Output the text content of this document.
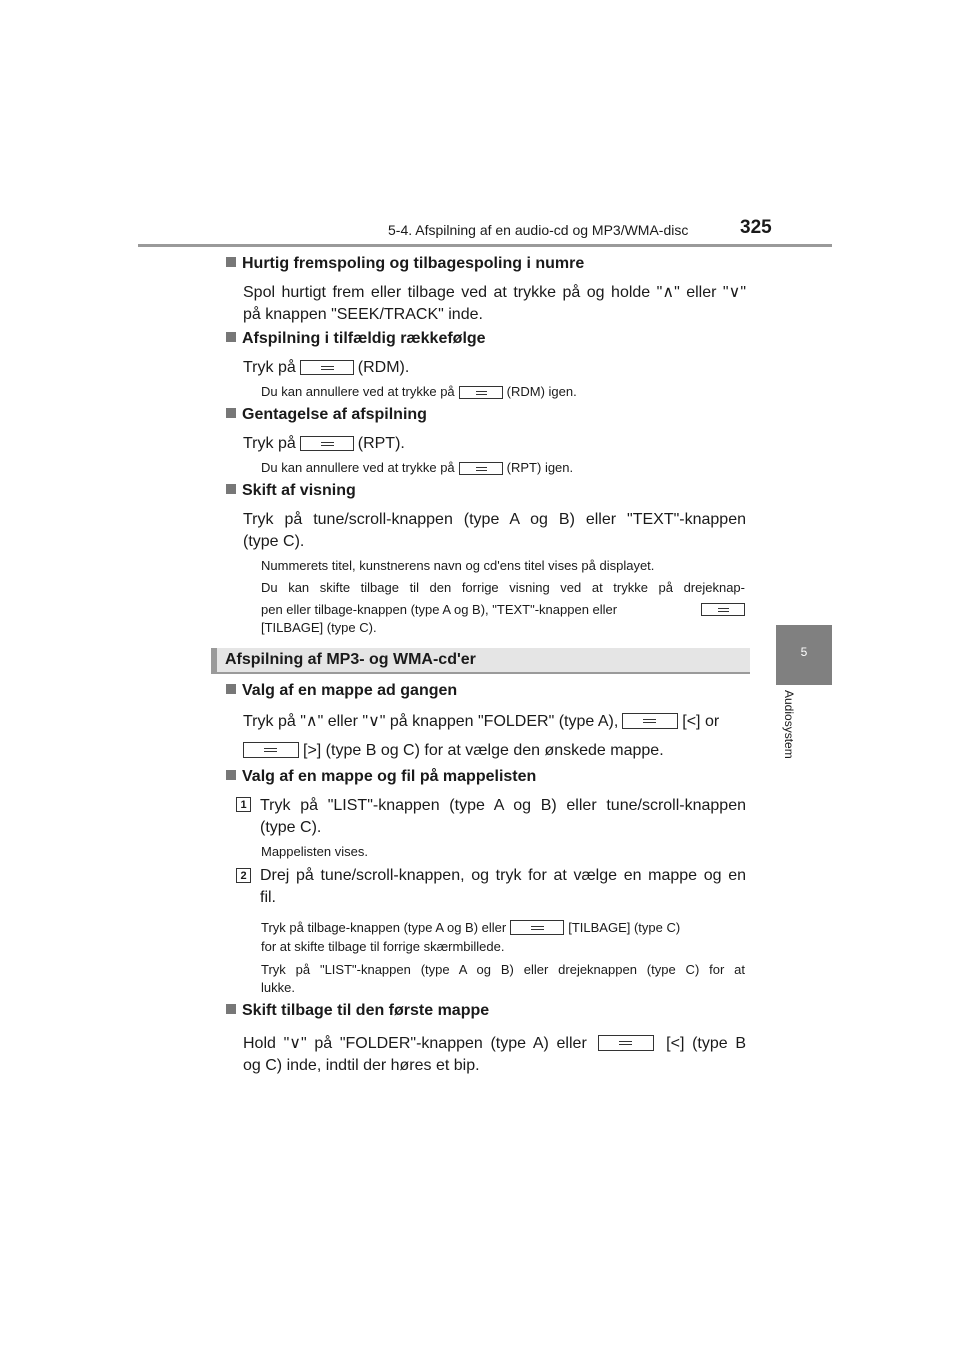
5-4. Afspilning af en audio-cd og MP3/WMA-disc	325
5
Audiosystem
Hurtig fremspoling og tilbagespoling i numre
Spol hurtigt frem eller tilbage ved at trykke på og holde "∧" eller "∨"
på knappen "SEEK/TRACK" inde.
Afspilning i tilfældig rækkefølge
Tryk på	(RDM).
Du kan annullere ved at trykke på	(RDM) igen.
Gentagelse af afspilning
Tryk på	(RPT).
Du kan annullere ved at trykke på	(RPT) igen.
Skift af visning
Tryk på tune/scroll-knappen (type A og B) eller "TEXT"-knappen
(type C).
Nummerets titel, kunstnerens navn og cd'ens titel vises på displayet.
Du kan skifte tilbage til den forrige visning ved at trykke på drejeknap-
pen eller tilbage-knappen (type A og B), "TEXT"-knappen eller
[TILBAGE] (type C).
Afspilning af MP3- og WMA-cd'er
Valg af en mappe ad gangen
Tryk på "∧" eller "∨" på knappen "FOLDER" (type A),	[<] or
[>] (type B og C) for at vælge den ønskede mappe.
Valg af en mappe og fil på mappelisten
1 Tryk på "LIST"-knappen (type A og B) eller tune/scroll-knappen
(type C).
Mappelisten vises.
2 Drej på tune/scroll-knappen, og tryk for at vælge en mappe og en
fil.
Tryk på tilbage-knappen (type A og B) eller	[TILBAGE] (type C)
for at skifte tilbage til forrige skærmbillede.
Tryk på "LIST"-knappen (type A og B) eller drejeknappen (type C) for at
lukke.
Skift tilbage til den første mappe
Hold "∨" på "FOLDER"-knappen (type A) eller	[<] (type B
og C) inde, indtil der høres et bip.
